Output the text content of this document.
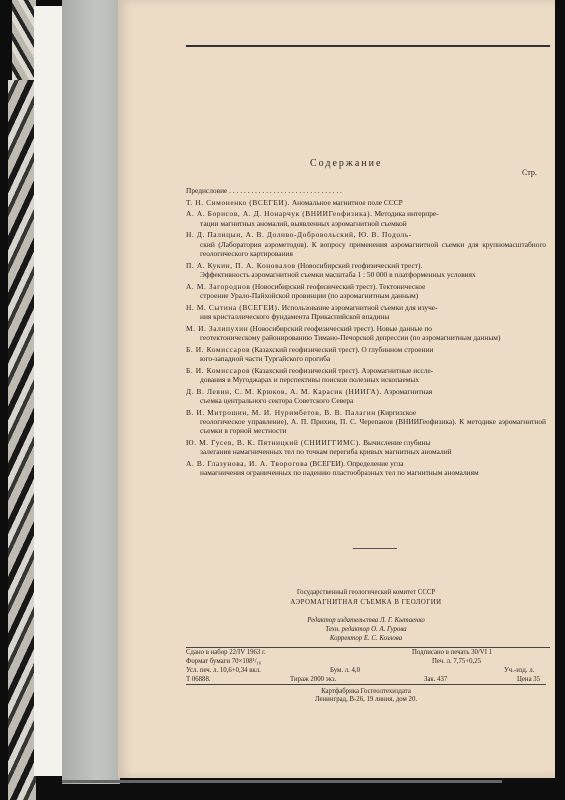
Содержание
Стр.
Предисловие . . . . . . . . . . . . . . . . . . . . . . . . . . . . . . .
Т. Н. Симоненко (ВСЕГЕИ). Аномальное магнитное поле СССР
А. А. Борисов, А. Д. Нонарчук (ВНИИГеофизика). Методика интерпре-
тации магнитных аномалий, выявленных аэромагнитной съемкой
Н. Д. Палицын, А. В. Доливо-Добровольский, Ю. В. Подоль-
ский (Лаборатория аэрометодов). К вопросу применения аэромагнитной съемки для крупномасштабного геологического картирования
П. А. Кукин, П. А. Коновалов (Новосибирский геофизический трест).
Эффективность аэромагнитной съемки масштаба 1 : 50 000 в платформенных условиях
А. М. Загороднов (Новосибирский геофизический трест). Тектоническое
строение Урало-Пайхойской провинции (по аэромагнитным данным)
Н. М. Сытина (ВСЕГЕИ). Использование аэромагнитной съемки для изуче-
ния кристаллического фундамента Прикаспийской впадины
М. И. Залипухин (Новосибирский геофизический трест). Новые данные по
геотектоническому районированию Тимано-Печорской депрессии (по аэромагнитным данным)
Б. И. Комиссаров (Казахский геофизический трест). О глубинном строении
юго-западной части Тургайского прогиба
Б. И. Комиссаров (Казахский геофизический трест). Аэромагнитные иссле-
дования в Мугоджарах и перспективы поисков полезных ископаемых
Д. В. Левин, С. М. Крюков, А. М. Карасик (НИИГА). Аэромагнитная
съемка центрального сектора Советского Севера
В. И. Митрошин, М. И. Нуримбетов, В. В. Палагин (Киргизское
геологическое управление), А. П. Прихин, П. С. Черепанов (ВНИИГеофизика). К методике аэромагнитной съемки в горной местности
Ю. М. Гусев, В. К. Пятницкий (СНИИГГИМС). Вычисление глубины
залегания намагниченных тел по точкам перегиба кривых магнитных аномалий
А. В. Глазунова, И. А. Творогова (ВСЕГЕИ). Определение угла
намагничения ограниченных по падению пластообразных тел по магнитным аномалиям
Государственный геологический комитет СССР
АЭРОМАГНИТНАЯ СЪЕМКА В ГЕОЛОГИИ
Редактор издательства Л. Г. Кытаенко
Техн. редактор О. А. Гурова
Корректор Е. С. Козлова
Сдано в набор 22/IV 1963 г.
Формат бумаги 70×108¹/₁₆
Усл. печ. л. 10,6+0,34 вкл.
Т 06888.
Бум. л. 4,0
Тираж 2000 экз.	Зак. 437
Подписано в печать 30/VI 1
Печ. л. 7,75+0,25
Уч.-изд. л.
Цена 35
Картфабрика Госгеолтехиздата
Ленинград, В-26, 19 линия, дом 20.
